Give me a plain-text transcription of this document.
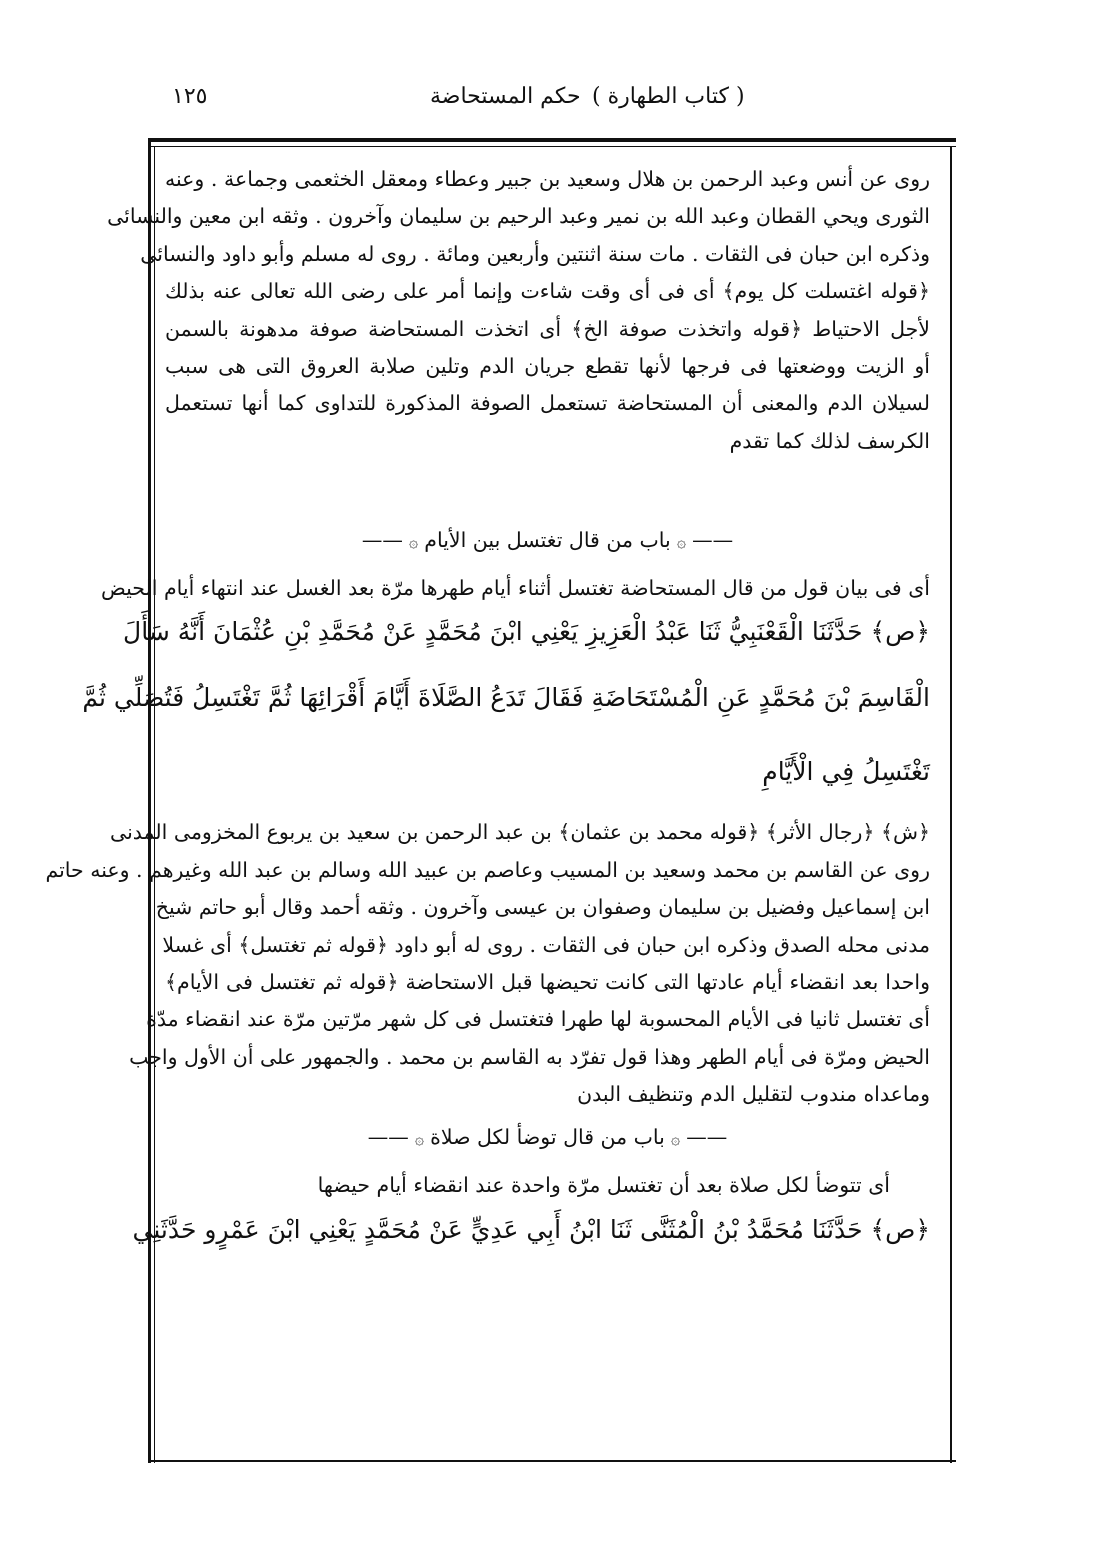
١٢٥	( كتاب الطهارة )
حكم المستحاضة
روى عن أنس وعبد الرحمن بن هلال وسعيد بن جبير وعطاء ومعقل الخثعمى وجماعة . وعنه
الثورى ويحي القطان وعبد الله بن نمير وعبد الرحيم بن سليمان وآخرون . وثقه ابن معين والنسائى
وذكره ابن حبان فى الثقات . مات سنة اثنتين وأربعين ومائة . روى له مسلم وأبو داود والنسائى
﴿قوله اغتسلت كل يوم﴾ أى فى أى وقت شاءت وإنما أمر على رضى الله تعالى عنه بذلك
لأجل الاحتياط ﴿قوله واتخذت صوفة الخ﴾ أى اتخذت المستحاضة صوفة مدهونة بالسمن
أو الزيت ووضعتها فى فرجها لأنها تقطع جريان الدم وتلين صلابة العروق التى هى سبب
لسيلان الدم والمعنى أن المستحاضة تستعمل الصوفة المذكورة للتداوى كما أنها تستعمل
الكرسف لذلك كما تقدم
——۞باب من قال تغتسل بين الأيام۞——
أى فى بيان قول من قال المستحاضة تغتسل أثناء أيام طهرها مرّة بعد الغسل عند انتهاء أيام الحيض
﴿ص﴾ حَدَّثَنَا الْقَعْنَبِيُّ ثَنَا عَبْدُ الْعَزِيزِ يَعْنِي ابْنَ مُحَمَّدٍ عَنْ مُحَمَّدِ بْنِ عُثْمَانَ أَنَّهُ سَأَلَ
الْقَاسِمَ بْنَ مُحَمَّدٍ عَنِ الْمُسْتَحَاضَةِ فَقَالَ تَدَعُ الصَّلَاةَ أَيَّامَ أَقْرَائِهَا ثُمَّ تَغْتَسِلُ فَتُصَلِّي ثُمَّ
تَغْتَسِلُ فِي الْأَيَّامِ
﴿ش﴾ ﴿رجال الأثر﴾ ﴿قوله محمد بن عثمان﴾ بن عبد الرحمن بن سعيد بن يربوع المخزومى المدنى
روى عن القاسم بن محمد وسعيد بن المسيب وعاصم بن عبيد الله وسالم بن عبد الله وغيرهم . وعنه حاتم
ابن إسماعيل وفضيل بن سليمان وصفوان بن عيسى وآخرون . وثقه أحمد وقال أبو حاتم شيخ
مدنى محله الصدق وذكره ابن حبان فى الثقات . روى له أبو داود ﴿قوله ثم تغتسل﴾ أى غسلا
واحدا بعد انقضاء أيام عادتها التى كانت تحيضها قبل الاستحاضة ﴿قوله ثم تغتسل فى الأيام﴾
أى تغتسل ثانيا فى الأيام المحسوبة لها طهرا فتغتسل فى كل شهر مرّتين مرّة عند انقضاء مدّة
الحيض ومرّة فى أيام الطهر وهذا قول تفرّد به القاسم بن محمد . والجمهور على أن الأول واجب
وماعداه مندوب لتقليل الدم وتنظيف البدن
——۞باب من قال توضأ لكل صلاة۞——
أى تتوضأ لكل صلاة بعد أن تغتسل مرّة واحدة عند انقضاء أيام حيضها
﴿ص﴾ حَدَّثَنَا مُحَمَّدُ بْنُ الْمُثَنَّى ثَنَا ابْنُ أَبِي عَدِيٍّ عَنْ مُحَمَّدٍ يَعْنِي ابْنَ عَمْرٍو حَدَّثَنِي
